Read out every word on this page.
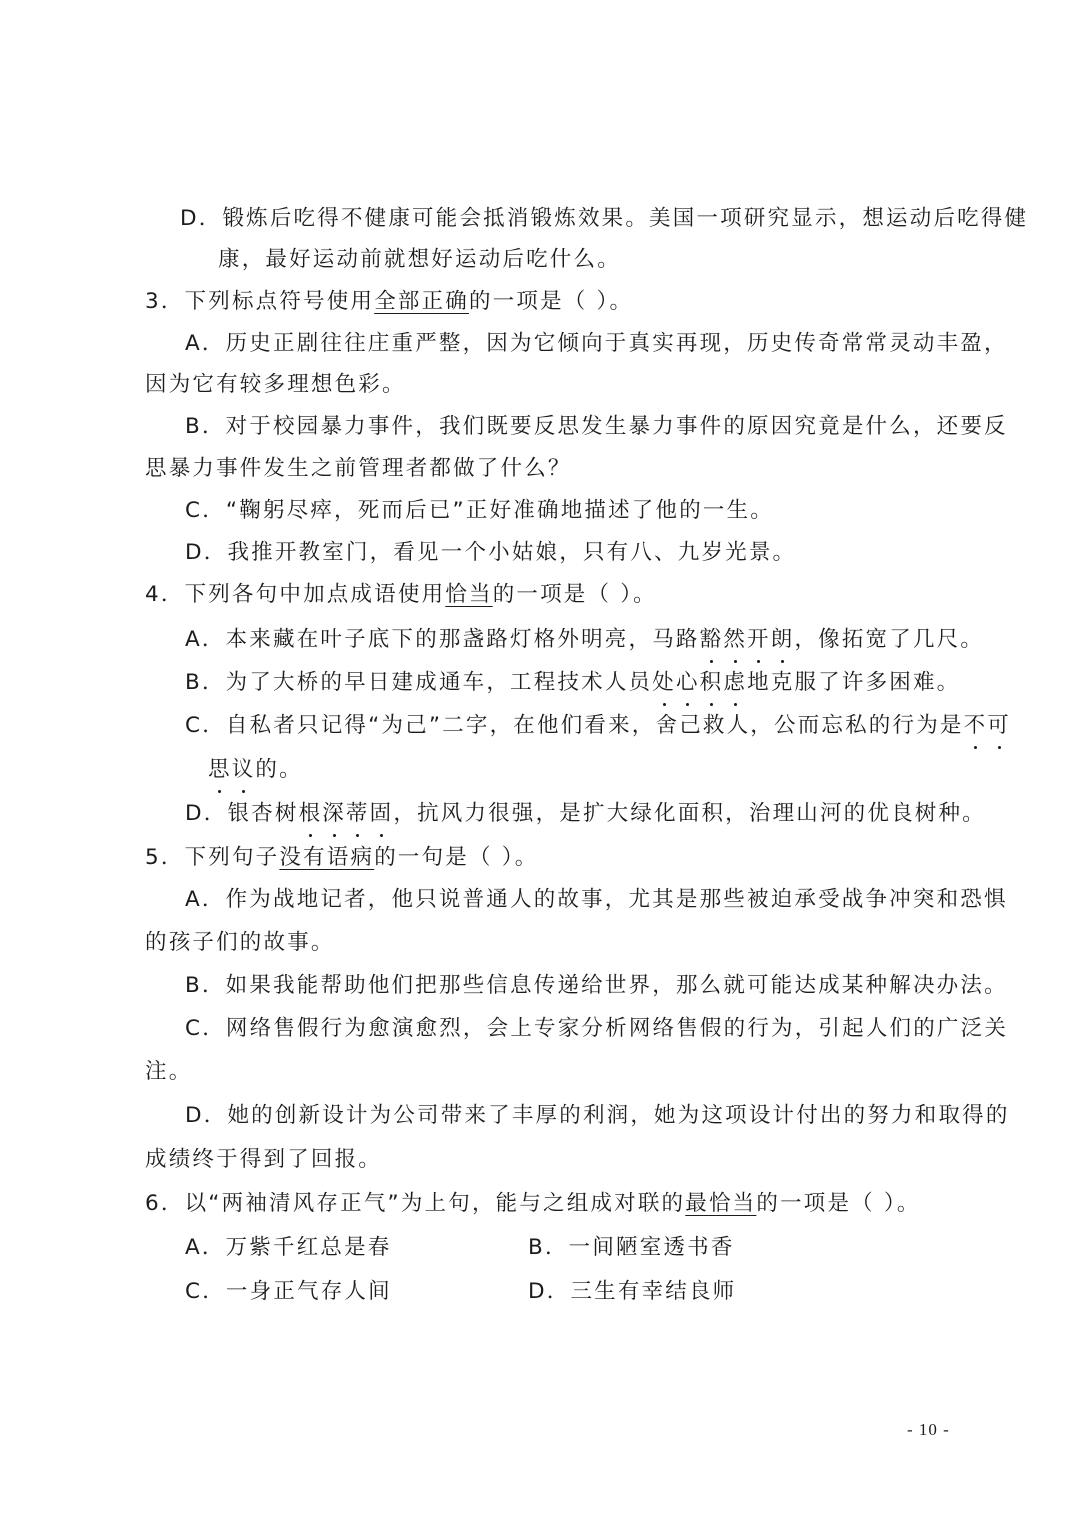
D．锻炼后吃得不健康可能会抵消锻炼效果。美国一项研究显示，想运动后吃得健
康，最好运动前就想好运动后吃什么。
3．下列标点符号使用全部正确的一项是（ ）。
A．历史正剧往往庄重严整，因为它倾向于真实再现，历史传奇常常灵动丰盈，
因为它有较多理想色彩。
B．对于校园暴力事件，我们既要反思发生暴力事件的原因究竟是什么，还要反
思暴力事件发生之前管理者都做了什么？
C．“鞠躬尽瘁，死而后已”正好准确地描述了他的一生。
D．我推开教室门，看见一个小姑娘，只有八、九岁光景。
4．下列各句中加点成语使用恰当的一项是（ ）。
A．本来藏在叶子底下的那盏路灯格外明亮，马路豁然开朗，像拓宽了几尺。
B．为了大桥的早日建成通车，工程技术人员处心积虑地克服了许多困难。
C．自私者只记得“为己”二字，在他们看来，舍己救人，公而忘私的行为是不可
思议的。
D．银杏树根深蒂固，抗风力很强，是扩大绿化面积，治理山河的优良树种。
5．下列句子没有语病的一句是（ ）。
A．作为战地记者，他只说普通人的故事，尤其是那些被迫承受战争冲突和恐惧
的孩子们的故事。
B．如果我能帮助他们把那些信息传递给世界，那么就可能达成某种解决办法。
C．网络售假行为愈演愈烈，会上专家分析网络售假的行为，引起人们的广泛关
注。
D．她的创新设计为公司带来了丰厚的利润，她为这项设计付出的努力和取得的
成绩终于得到了回报。
6．以“两袖清风存正气”为上句，能与之组成对联的最恰当的一项是（ ）。
A．万紫千红总是春	B．一间陋室透书香
C．一身正气存人间	D．三生有幸结良师
- 10 -
